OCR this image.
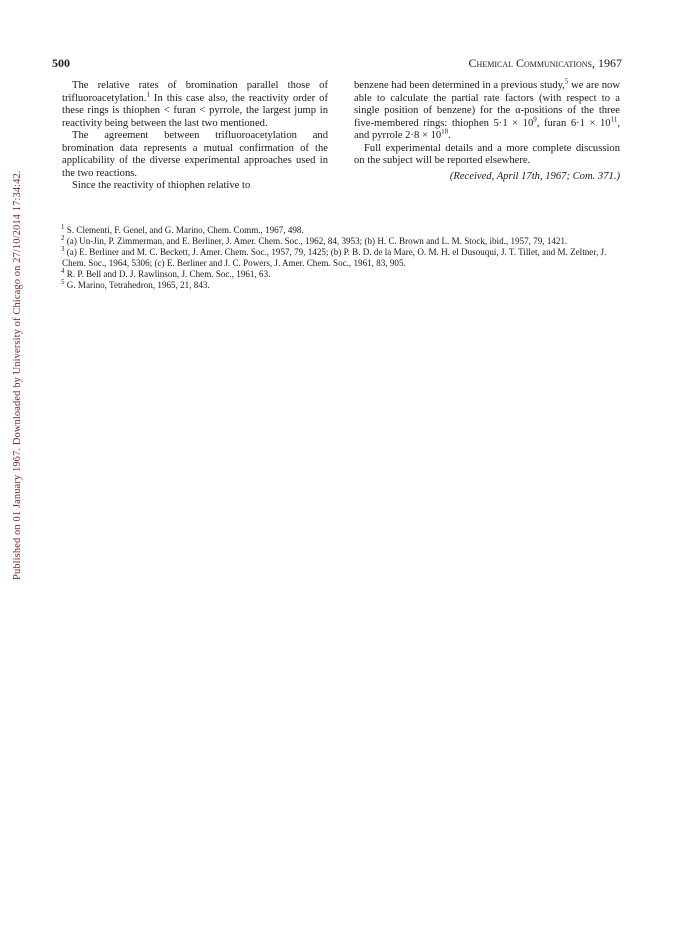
Published on 01 January 1967. Downloaded by University of Chicago on 27/10/2014 17:34:42.
500	Chemical Communications, 1967

The relative rates of bromination parallel those of trifluoroacetylation.$^1$ In this case also, the reactivity order of these rings is thiophen < furan < pyrrole, the largest jump in reactivity being between the last two mentioned.

The agreement between trifluoroacetylation and bromination data represents a mutual confirmation of the applicability of the diverse experimental approaches used in the two reactions.

Since the reactivity of thiophen relative to

benzene had been determined in a previous study,$^5$ we are now able to calculate the partial rate factors (with respect to a single position of benzene) for the α-positions of the three five-membered rings: thiophen $5\cdot 1 \times 10^9$, furan $6\cdot 1 \times 10^{11}$, and pyrrole $2\cdot 8 \times 10^{18}$.

Full experimental details and a more complete discussion on the subject will be reported elsewhere.

(Received, April 17th, 1967; Com. 371.)
$^1$ S. Clementi, F. Genel, and G. Marino, Chem. Comm., 1967, 498.
$^2$ (a) Un-Jin, P. Zimmerman, and E. Berliner, J. Amer. Chem. Soc., 1962, 84, 3953; (b) H. C. Brown and L. M. Stock, ibid., 1957, 79, 1421.
$^3$ (a) E. Berliner and M. C. Beckett, J. Amer. Chem. Soc., 1957, 79, 1425; (b) P. B. D. de la Mare, O. M. H. el Dusouqui, J. T. Tillet, and M. Zeltner, J. Chem. Soc., 1964, 5306; (c) E. Berliner and J. C. Powers, J. Amer. Chem. Soc., 1961, 83, 905.
$^4$ R. P. Bell and D. J. Rawlinson, J. Chem. Soc., 1961, 63.
$^5$ G. Marino, Tetrahedron, 1965, 21, 843.
